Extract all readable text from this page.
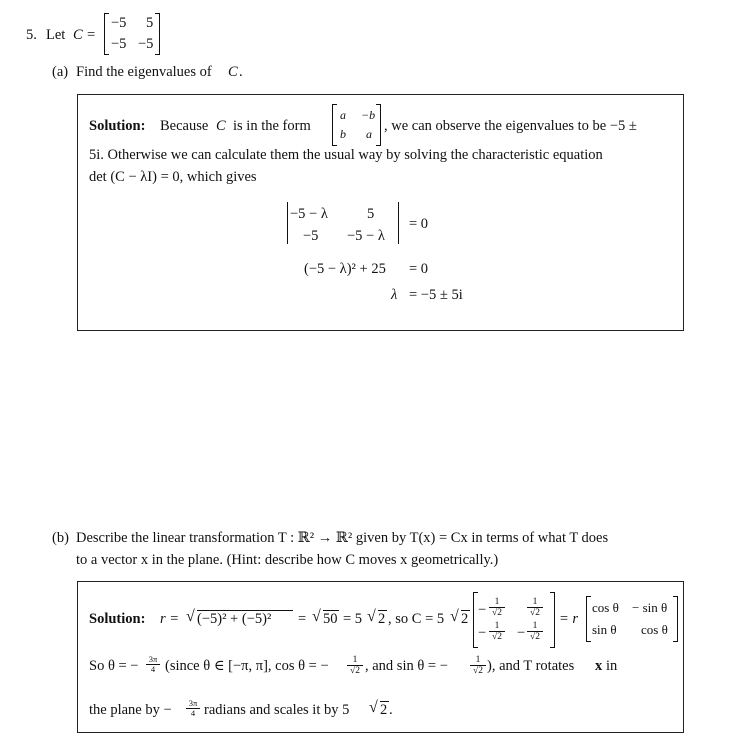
5. Let C =
−5 5
−5 −5
(a) Find the eigenvalues of C .
Solution: Because C is in the form
a −b
b a , we can observe the eigenvalues to be −5 ±
5i. Otherwise we can calculate them the usual way by solving the characteristic equation
det (C − λI) = 0, which gives
−5 − λ	5
−5 −5 − λ
= 0
(−5 − λ)² + 25 = 0
λ = −5 ± 5i
(b) Describe the linear transformation T : ℝ² → ℝ² given by T(x) = Cx in terms of what T does
to a vector x in the plane. (Hint: describe how C moves x geometrically.)
Solution: r = √ (−5)² + (−5)² = √ 50 = 5 √ 2 , so C = 5 √ 2
− $\frac{1}{√2} \frac{1}{√2}$
− $\frac{1}{√2} - \frac{1}{√2}$
= r
cos θ − sin θ
sin θ cos θ
So θ = − $\frac{3\pi}{4}$ (since θ ∈ [−π, π], cos θ = − $\frac{1}{√2}$ , and sin θ = − $\frac{1}{√2}$ ), and T rotates x in
the plane by − $\frac{3\pi}{4}$ radians and scales it by 5 √ 2 .
